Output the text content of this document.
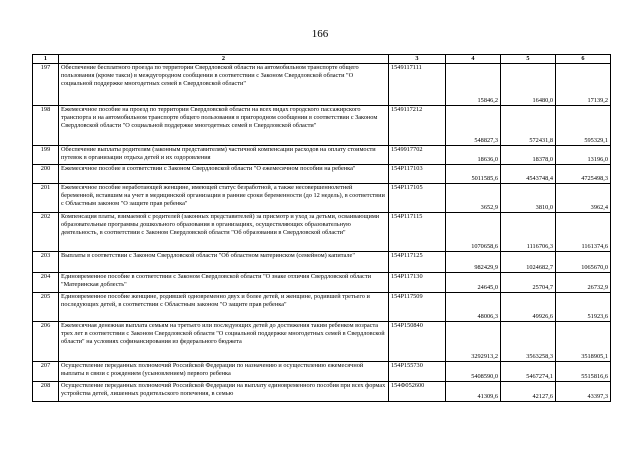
166
1	2	3	4	5	6
197	Обеспечение бесплатного проезда по территории Свердловской области на автомобильном транспорте общего пользования (кроме такси) в междугородном сообщении в соответствии с Законом Свердловской области "О социальной поддержке многодетных семей в Свердловской области"	1549117111	15846,2	16480,0	17139,2
198	Ежемесячное пособие на проезд по территории Свердловской области на всех видах городского пассажирского транспорта и на автомобильном транспорте общего пользования в пригородном сообщении в соответствии с Законом Свердловской области "О социальной поддержке многодетных семей в Свердловской области"	1549117212	548827,3	572431,8	595329,1
199	Обеспечение выплаты родителям (законным представителям) частичной компенсации расходов на оплату стоимости путевок в организации отдыха детей и их оздоровления	1549917702	18636,0	18378,0	13196,0
200	Ежемесячное пособие в соответствии с Законом Свердловской области "О ежемесячном пособии на ребенка"	154P117103	5011585,6	4543748,4	4725498,3
201	Ежемесячное пособие неработающей женщине, имеющей статус безработной, а также несовершеннолетней беременной, вставшим на учет в медицинской организации в ранние сроки беременности (до 12 недель), в соответствии с Областным законом "О защите прав ребенка"	154P117105	3652,9	3810,0	3962,4
202	Компенсация платы, взимаемой с родителей (законных представителей) за присмотр и уход за детьми, осваивающими образовательные программы дошкольного образования в организациях, осуществляющих образовательную деятельность, в соответствии с Законом Свердловской области "Об образовании в Свердловской области"	154P117115	1070658,6	1116706,3	1161374,6
203	Выплаты в соответствии с Законом Свердловской области "Об областном материнском (семейном) капитале"	154P117125	982429,9	1024682,7	1065670,0
204	Единовременное пособие в соответствии с Законом Свердловской области "О знаке отличия Свердловской области "Материнская доблесть"	154P117130	24645,0	25704,7	26732,9
205	Единовременное пособие женщине, родившей одновременно двух и более детей, и женщине, родившей третьего и последующих детей, в соответствии с Областным законом "О защите прав ребенка"	154P117509	48006,3	49926,6	51923,6
206	Ежемесячная денежная выплата семьям на третьего или последующих детей до достижения таким ребенком возраста трех лет в соответствии с Законом Свердловской области "О социальной поддержке многодетных семей в Свердловской области" на условиях софинансирования из федерального бюджета	154P150840	3292913,2	3563258,3	3518905,1
207	Осуществление переданных полномочий Российской Федерации по назначению и осуществлению ежемесячной выплаты в связи с рождением (усыновлением) первого ребенка	154P155730	5408590,0	5467274,1	5515816,6
208	Осуществление переданных полномочий Российской Федерации на выплату единовременного пособия при всех формах устройства детей, лишенных родительского попечения, в семью	154Ф052600	41309,6	42127,6	43397,3
